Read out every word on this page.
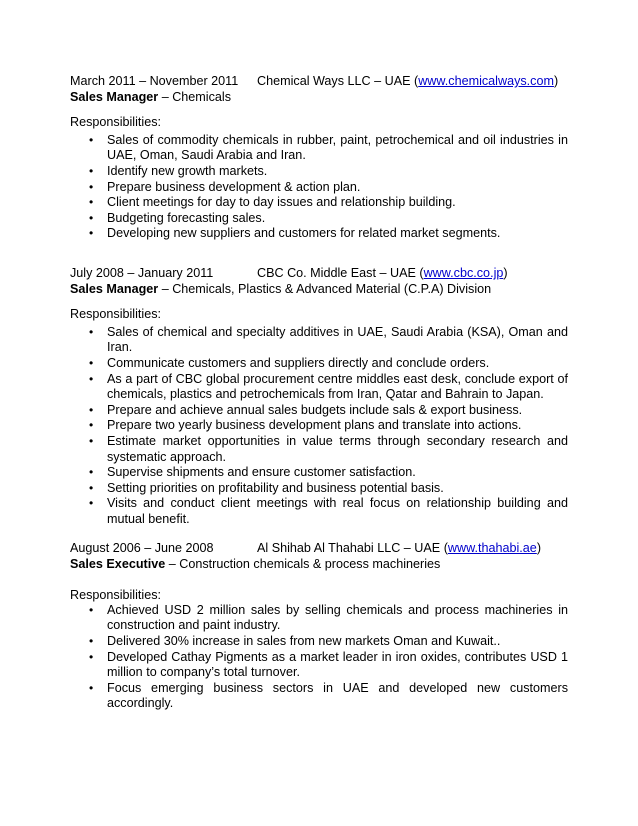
March 2011 – November 2011 Chemical Ways LLC – UAE (www.chemicalways.com)
Sales Manager – Chemicals
Responsibilities:
• Sales of commodity chemicals in rubber, paint, petrochemical and oil industries in UAE, Oman, Saudi Arabia and Iran.
• Identify new growth markets.
• Prepare business development & action plan.
• Client meetings for day to day issues and relationship building.
• Budgeting forecasting sales.
• Developing new suppliers and customers for related market segments.
July 2008 – January 2011	CBC Co. Middle East – UAE (www.cbc.co.jp)
Sales Manager – Chemicals, Plastics & Advanced Material (C.P.A) Division
Responsibilities:
• Sales of chemical and specialty additives in UAE, Saudi Arabia (KSA), Oman and Iran.
• Communicate customers and suppliers directly and conclude orders.
• As a part of CBC global procurement centre middles east desk, conclude export of chemicals, plastics and petrochemicals from Iran, Qatar and Bahrain to Japan.
• Prepare and achieve annual sales budgets include sals & export business.
• Prepare two yearly business development plans and translate into actions.
• Estimate market opportunities in value terms through secondary research and systematic approach.
• Supervise shipments and ensure customer satisfaction.
• Setting priorities on profitability and business potential basis.
• Visits and conduct client meetings with real focus on relationship building and mutual benefit.
August 2006 – June 2008	Al Shihab Al Thahabi LLC – UAE (www.thahabi.ae)
Sales Executive – Construction chemicals & process machineries
Responsibilities:
• Achieved USD 2 million sales by selling chemicals and process machineries in construction and paint industry.
• Delivered 30% increase in sales from new markets Oman and Kuwait..
• Developed Cathay Pigments as a market leader in iron oxides, contributes USD 1 million to company’s total turnover.
• Focus emerging business sectors in UAE and developed new customers accordingly.
